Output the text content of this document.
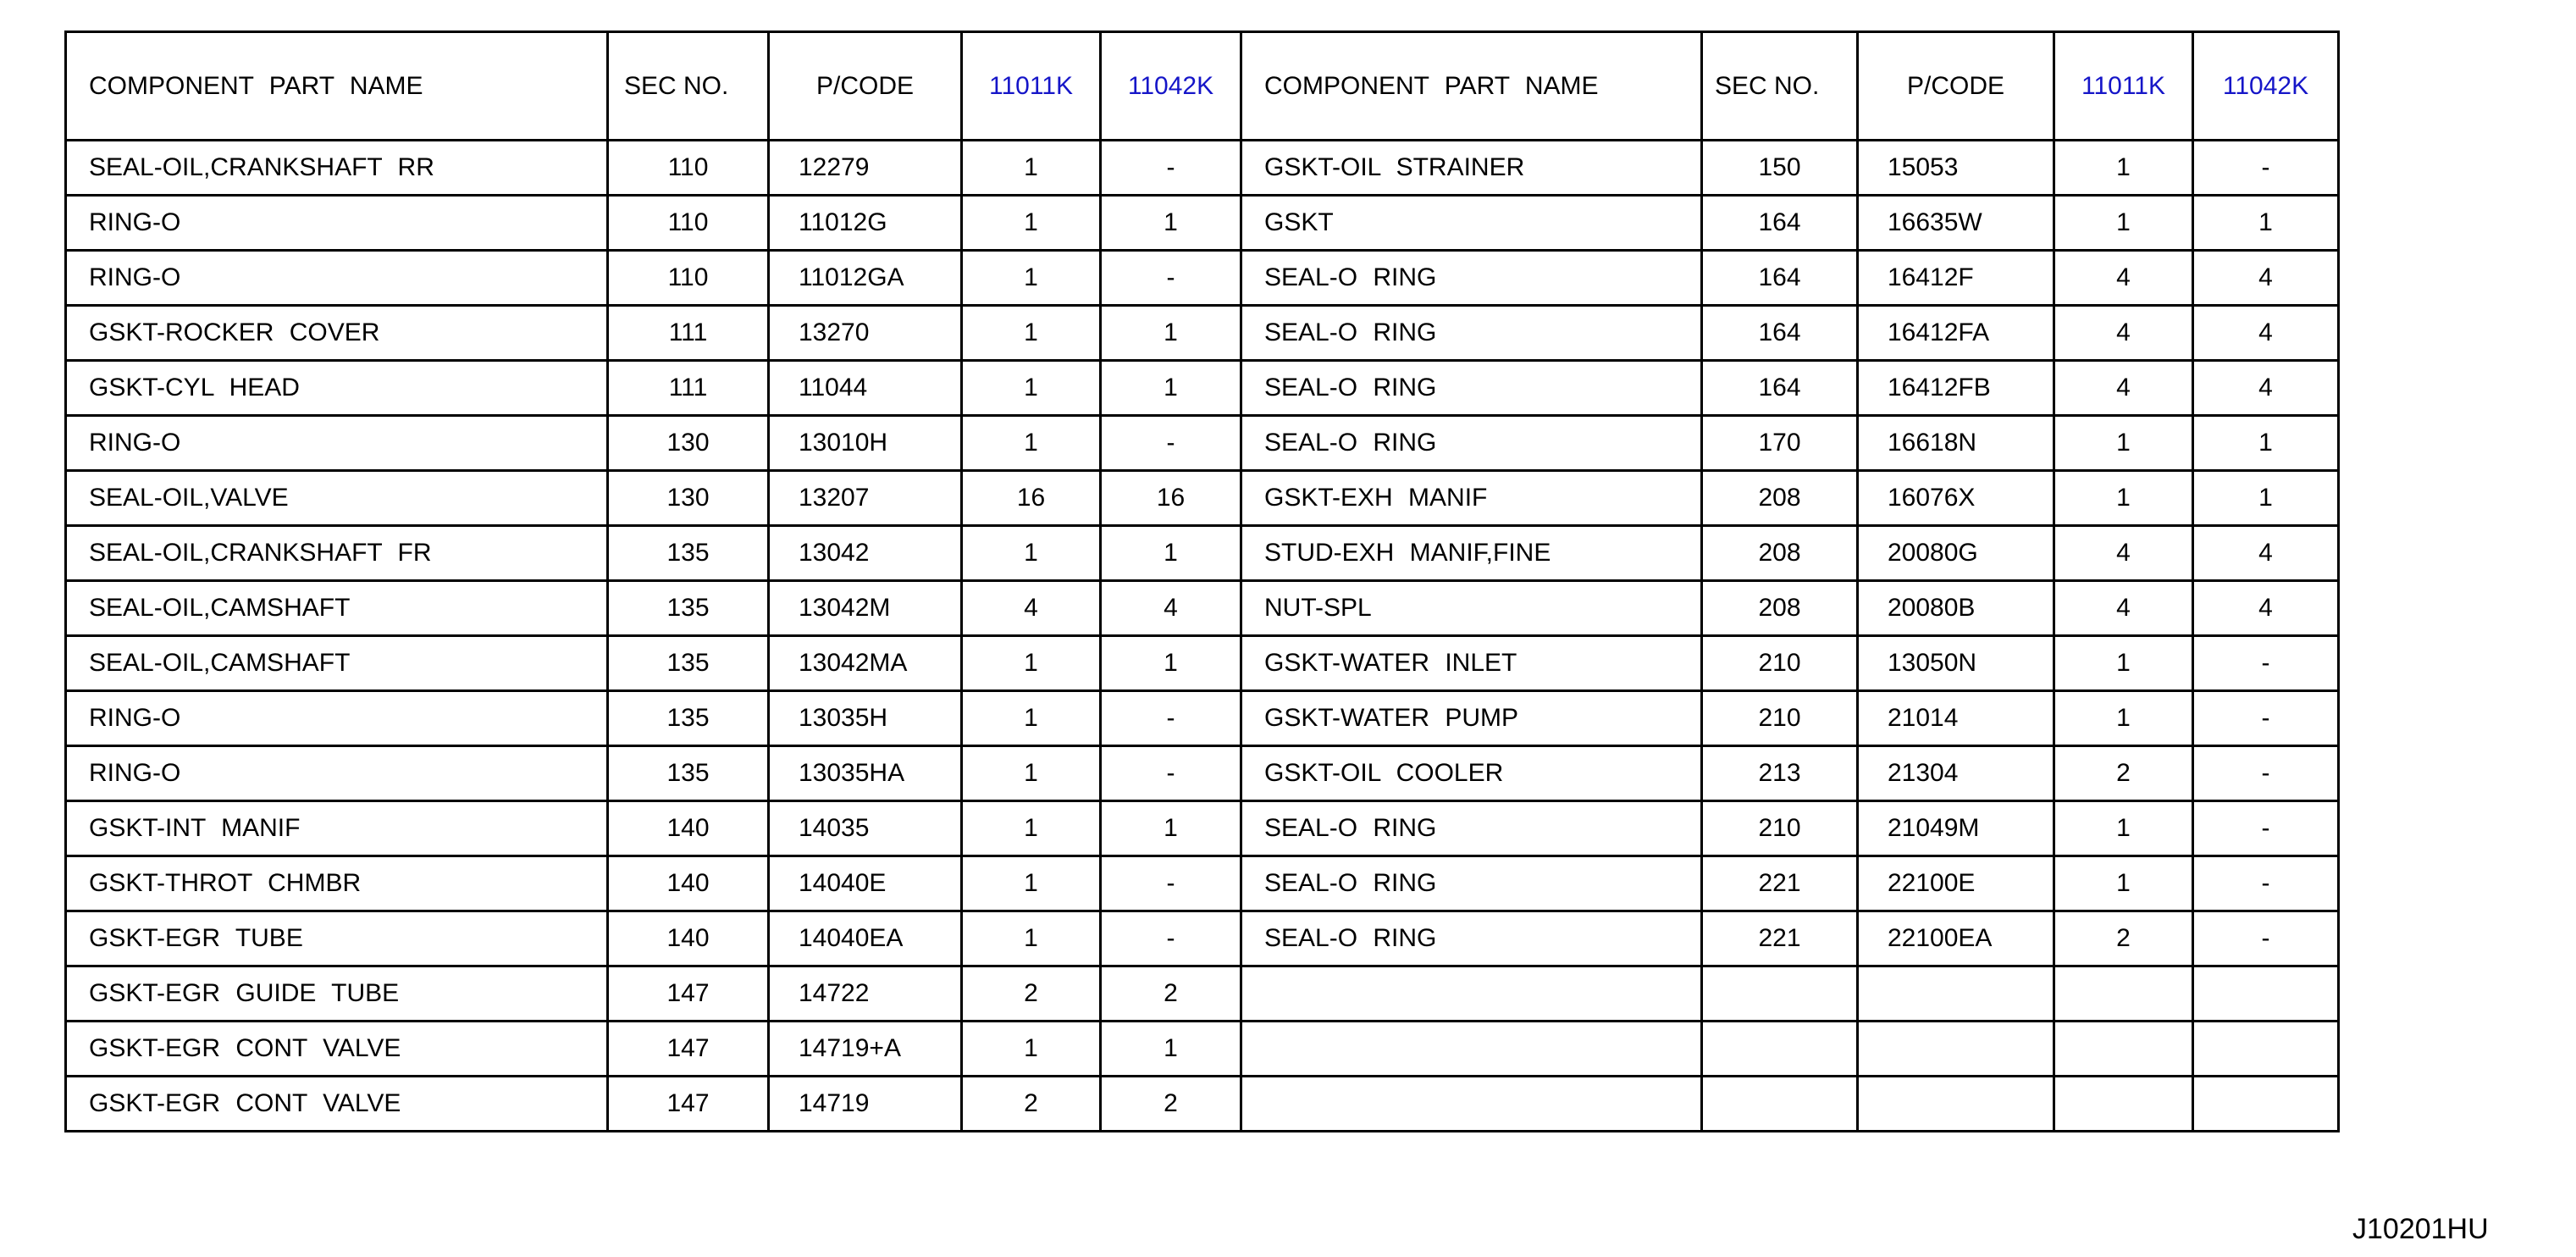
COMPONENT PART NAME	SEC NO.	P/CODE	11011K	11042K	COMPONENT PART NAME	SEC NO.	P/CODE	11011K	11042K
SEAL-OIL,CRANKSHAFT RR	110	12279	1	-	GSKT-OIL STRAINER	150	15053	1	-
RING-O	110	11012G	1	1	GSKT	164	16635W	1	1
RING-O	110	11012GA	1	-	SEAL-O RING	164	16412F	4	4
GSKT-ROCKER COVER	111	13270	1	1	SEAL-O RING	164	16412FA	4	4
GSKT-CYL HEAD	111	11044	1	1	SEAL-O RING	164	16412FB	4	4
RING-O	130	13010H	1	-	SEAL-O RING	170	16618N	1	1
SEAL-OIL,VALVE	130	13207	16	16	GSKT-EXH MANIF	208	16076X	1	1
SEAL-OIL,CRANKSHAFT FR	135	13042	1	1	STUD-EXH MANIF,FINE	208	20080G	4	4
SEAL-OIL,CAMSHAFT	135	13042M	4	4	NUT-SPL	208	20080B	4	4
SEAL-OIL,CAMSHAFT	135	13042MA	1	1	GSKT-WATER INLET	210	13050N	1	-
RING-O	135	13035H	1	-	GSKT-WATER PUMP	210	21014	1	-
RING-O	135	13035HA	1	-	GSKT-OIL COOLER	213	21304	2	-
GSKT-INT MANIF	140	14035	1	1	SEAL-O RING	210	21049M	1	-
GSKT-THROT CHMBR	140	14040E	1	-	SEAL-O RING	221	22100E	1	-
GSKT-EGR TUBE	140	14040EA	1	-	SEAL-O RING	221	22100EA	2	-
GSKT-EGR GUIDE TUBE	147	14722	2	2					
GSKT-EGR CONT VALVE	147	14719+A	1	1					
GSKT-EGR CONT VALVE	147	14719	2	2					
J10201HU
